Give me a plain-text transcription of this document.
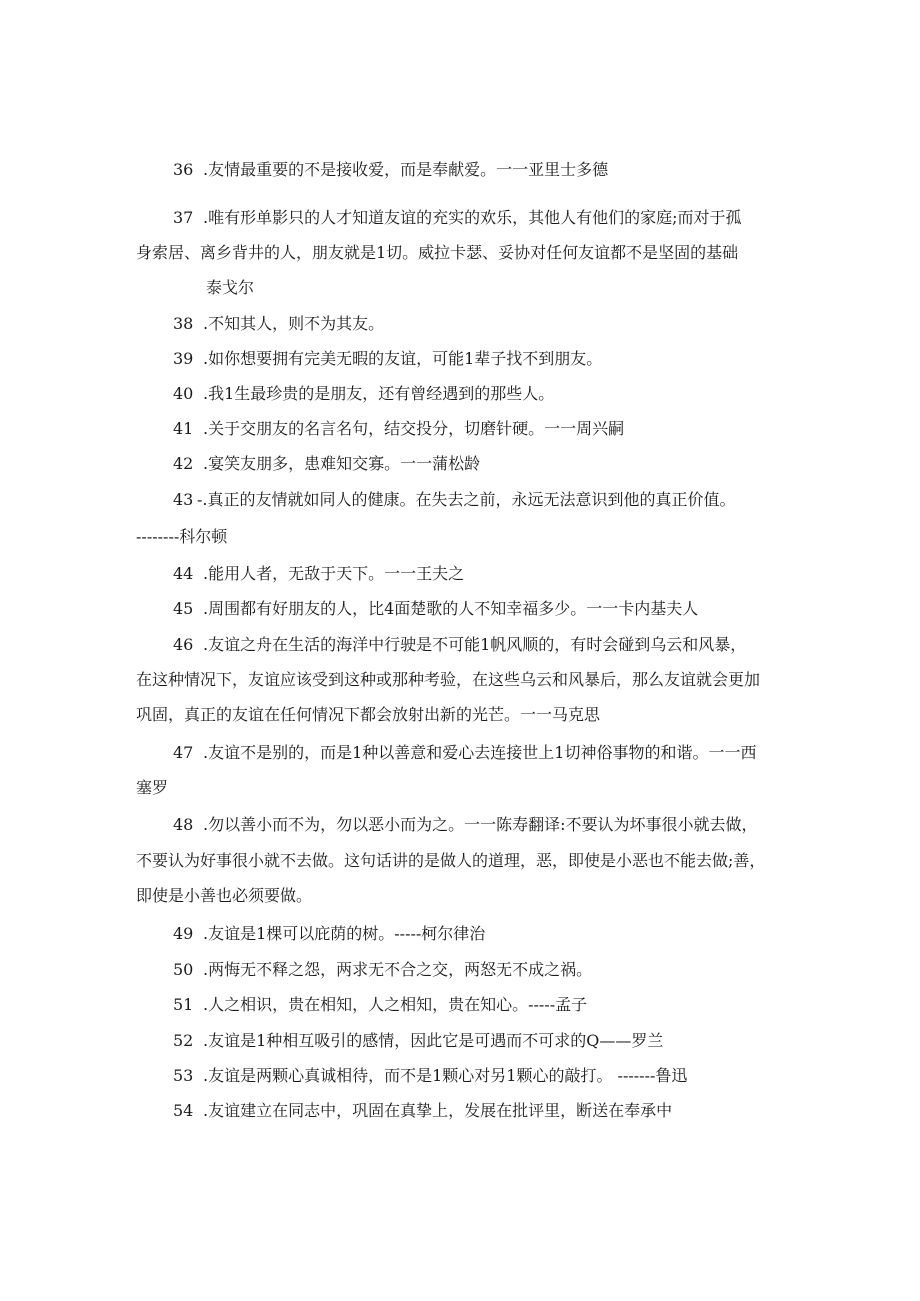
36 .友情最重要的不是接收爱，而是奉献爱。一一亚里士多德
37 .唯有形单影只的人才知道友谊的充实的欢乐，其他人有他们的家庭;而对于孤
身索居、离乡背井的人，朋友就是1切。威拉卡瑟、妥协对任何友谊都不是坚固的基础
泰戈尔
38 .不知其人，则不为其友。
39 .如你想要拥有完美无暇的友谊，可能1辈子找不到朋友。
40 .我1生最珍贵的是朋友，还有曾经遇到的那些人。
41 .关于交朋友的名言名句，结交投分，切磨针硬。一一周兴嗣
42 .宴笑友朋多，患难知交寡。一一蒲松龄
43 -.真正的友情就如同人的健康。在失去之前，永远无法意识到他的真正价值。
--------科尔顿
44 .能用人者，无敌于天下。一一王夫之
45 .周围都有好朋友的人，比4面楚歌的人不知幸福多少。一一卡内基夫人
46 .友谊之舟在生活的海洋中行驶是不可能1帆风顺的，有时会碰到乌云和风暴，
在这种情况下，友谊应该受到这种或那种考验，在这些乌云和风暴后，那么友谊就会更加
巩固，真正的友谊在任何情况下都会放射出新的光芒。一一马克思
47 .友谊不是别的，而是1种以善意和爱心去连接世上1切神俗事物的和谐。一一西
塞罗
48 .勿以善小而不为，勿以恶小而为之。一一陈寿翻译:不要认为坏事很小就去做，
不要认为好事很小就不去做。这句话讲的是做人的道理，恶，即使是小恶也不能去做;善，
即使是小善也必须要做。
49 .友谊是1棵可以庇荫的树。-----柯尔律治
50 .两悔无不释之怨，两求无不合之交，两怒无不成之祸。
51 .人之相识，贵在相知，人之相知，贵在知心。-----孟子
52 .友谊是1种相互吸引的感情，因此它是可遇而不可求的Q——罗兰
53 .友谊是两颗心真诚相待，而不是1颗心对另1颗心的敲打。 -------鲁迅
54 .友谊建立在同志中，巩固在真挚上，发展在批评里，断送在奉承中
